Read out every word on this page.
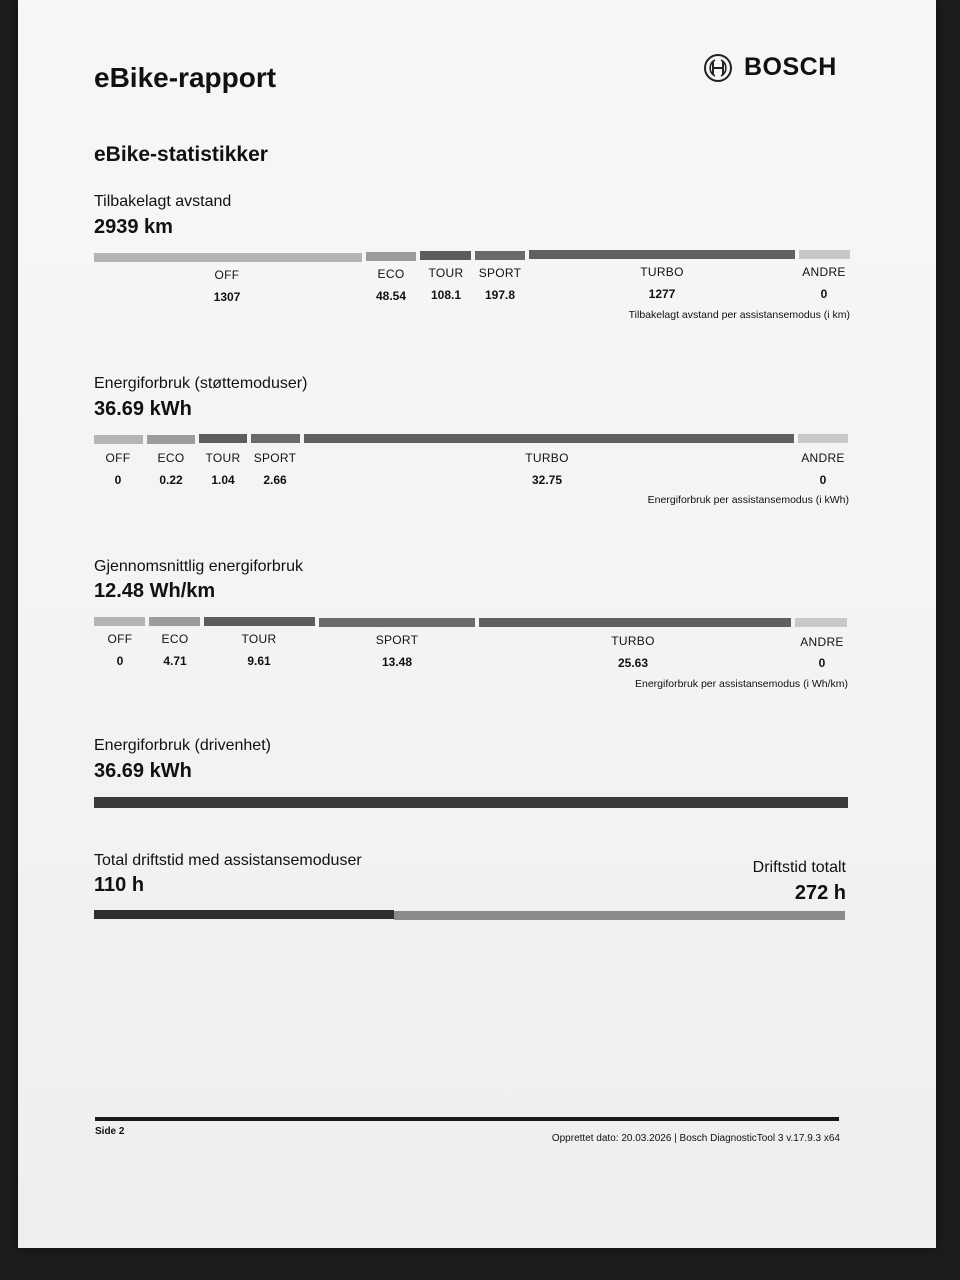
eBike-rapport	BOSCH
eBike-statistikker
Tilbakelagt avstand
2939 km
OFF	ECO	TOUR	SPORT	TURBO	ANDRE
1307	48.54	108.1	197.8	1277	0
Tilbakelagt avstand per assistansemodus (i km)
Energiforbruk (støttemoduser)
36.69 kWh
OFF	ECO	TOUR	SPORT	TURBO	ANDRE
0	0.22	1.04	2.66	32.75	0
Energiforbruk per assistansemodus (i kWh)
Gjennomsnittlig energiforbruk
12.48 Wh/km
OFF	ECO	TOUR	SPORT	TURBO	ANDRE
0	4.71	9.61	13.48	25.63	0
Energiforbruk per assistansemodus (i Wh/km)
Energiforbruk (drivenhet)
36.69 kWh
Total driftstid med assistansemoduser
110 h
Driftstid totalt
272 h
Side 2
Opprettet dato: 20.03.2026 | Bosch DiagnosticTool 3 v.17.9.3 x64
